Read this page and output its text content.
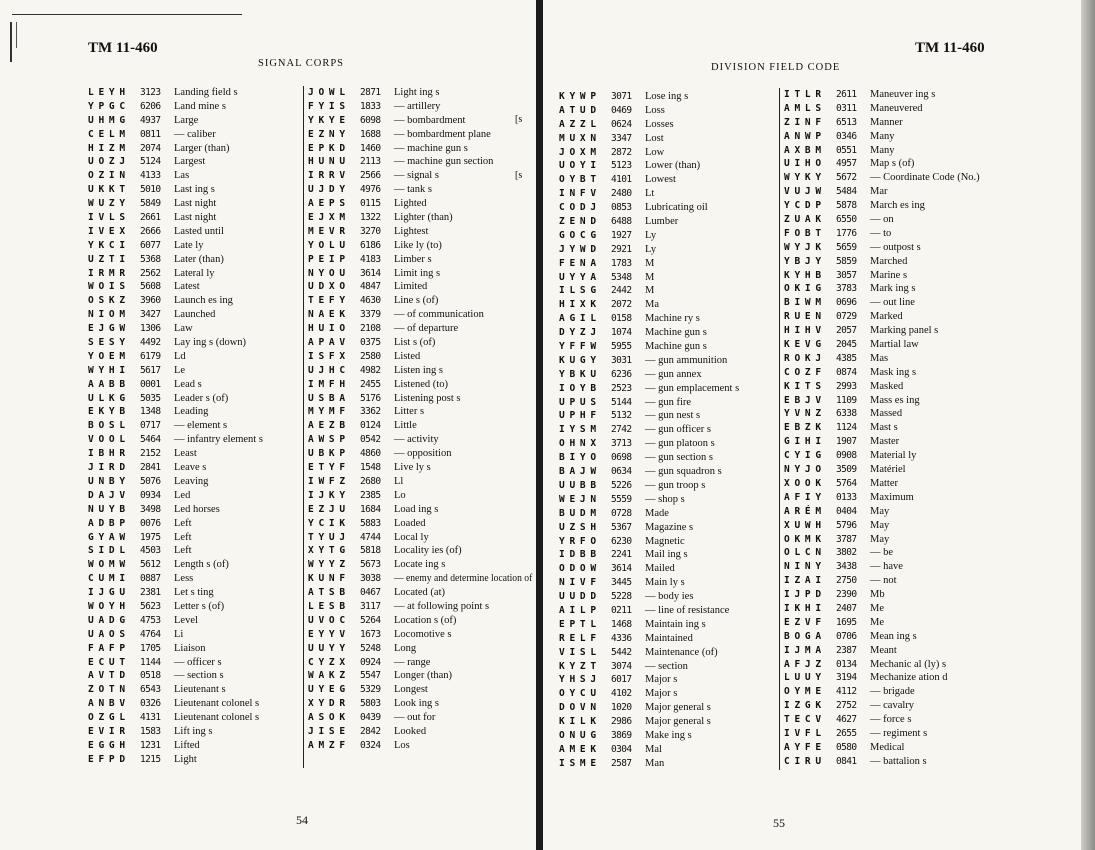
TM 11-460
SIGNAL CORPS
L E Y H 3123 Landing field s
Y P G C 6206 Land mine s
U H M G 4937 Large
C E L M 0811 — caliber
H I Z M 2074 Larger (than)
U O Z J 5124 Largest
O Z I N 4133 Las
U K K T 5010 Last ing s
W U Z Y 5849 Last night
I V L S 2661 Last night
I V E X 2666 Lasted until
Y K C I 6077 Late ly
U Z T I 5368 Later (than)
I R M R 2562 Lateral ly
W O I S 5608 Latest
O S K Z 3960 Launch es ing
N I O M 3427 Launched
E J G W 1306 Law
S E S Y 4492 Lay ing s (down)
Y O E M 6179 Ld
W Y H I 5617 Le
A A B B 0001 Lead s
U L K G 5035 Leader s (of)
E K Y B 1348 Leading
B O S L 0717 — element s
V O O L 5464 — infantry element s
I B H R 2152 Least
J I R D 2841 Leave s
U N B Y 5076 Leaving
D A J V 0934 Led
N U Y B 3498 Led horses
A D B P 0076 Left
G Y A W 1975 Left
S I D L 4503 Left
W O M W 5612 Length s (of)
C U M I 0887 Less
I J G U 2381 Let s ting
W O Y H 5623 Letter s (of)
U A D G 4753 Level
U A O S 4764 Li
F A F P 1705 Liaison
E C U T 1144 — officer s
A V T D 0518 — section s
Z O T N 6543 Lieutenant s
A N B V 0326 Lieutenant colonel s
O Z G L 4131 Lieutenant colonel s
E V I R 1583 Lift ing s
E G G H 1231 Lifted
E F P D 1215 Light
J O W L 2871 Light ing s
F Y I S 1833 — artillery
Y K Y E 6098 — bombardment
E Z N Y 1688 — bombardment plane
E P K D 1460 — machine gun s
H U N U 2113 — machine gun section
I R R V 2566 — signal s
U J D Y 4976 — tank s
A E P S 0115 Lighted
E J X M 1322 Lighter (than)
M E V R 3270 Lightest
Y O L U 6186 Like ly (to)
P E I P 4183 Limber s
N Y O U 3614 Limit ing s
U D X O 4847 Limited
T E F Y 4630 Line s (of)
N A E K 3379 — of communication
H U I O 2108 — of departure
A P A V 0375 List s (of)
I S F X 2580 Listed
U J H C 4982 Listen ing s
I M F H 2455 Listened (to)
U S B A 5176 Listening post s
M Y M F 3362 Litter s
A E Z B 0124 Little
A W S P 0542 — activity
U B K P 4860 — opposition
E T Y F 1548 Live ly s
I W F Z 2680 Ll
I J K Y 2385 Lo
E Z J U 1684 Load ing s
Y C I K 5883 Loaded
T Y U J 4744 Local ly
X Y T G 5818 Locality ies (of)
W Y Y Z 5673 Locate ing s
K U N F 3038 — enemy and determine location of
A T S B 0467 Located (at)
L E S B 3117 — at following point s
U V O C 5264 Location s (of)
E Y Y V 1673 Locomotive s
U U Y Y 5248 Long
C Y Z X 0924 — range
W A K Z 5547 Longer (than)
U Y E G 5329 Longest
X Y D R 5803 Look ing s
A S O K 0439 — out for
J I S E 2842 Looked
A M Z F 0324 Los
[s
[s
54
TM 11-460
DIVISION FIELD CODE
K Y W P 3071 Lose ing s
A T U D 0469 Loss
A Z Z L 0624 Losses
M U X N 3347 Lost
J O X M 2872 Low
U O Y I 5123 Lower (than)
O Y B T 4101 Lowest
I N F V 2480 Lt
C O D J 0853 Lubricating oil
Z E N D 6488 Lumber
G O C G 1927 Ly
J Y W D 2921 Ly
F E N A 1783 M
U Y Y A 5348 M
I L S G 2442 M
H I X K 2072 Ma
A G I L 0158 Machine ry s
D Y Z J 1074 Machine gun s
Y F F W 5955 Machine gun s
K U G Y 3031 — gun ammunition
Y B K U 6236 — gun annex
I O Y B 2523 — gun emplacement s
U P U S 5144 — gun fire
U P H F 5132 — gun nest s
I Y S M 2742 — gun officer s
O H N X 3713 — gun platoon s
B I Y O 0698 — gun section s
B A J W 0634 — gun squadron s
U U B B 5226 — gun troop s
W E J N 5559 — shop s
B U D M 0728 Made
U Z S H 5367 Magazine s
Y R F O 6230 Magnetic
I D B B 2241 Mail ing s
O D O W 3614 Mailed
N I V F 3445 Main ly s
U U D D 5228 — body ies
A I L P 0211 — line of resistance
E P T L 1468 Maintain ing s
R E L F 4336 Maintained
V I S L 5442 Maintenance (of)
K Y Z T 3074 — section
Y H S J 6017 Major s
O Y C U 4102 Major s
D O V N 1020 Major general s
K I L K 2986 Major general s
O N U G 3869 Make ing s
A M E K 0304 Mal
I S M E 2587 Man
I T L R 2611 Maneuver ing s
A M L S 0311 Maneuvered
Z I N F 6513 Manner
A N W P 0346 Many
A X B M 0551 Many
U I H O 4957 Map s (of)
W Y K Y 5672 — Coordinate Code (No.)
V U J W 5484 Mar
Y C D P 5878 March es ing
Z U A K 6550 — on
F O B T 1776 — to
W Y J K 5659 — outpost s
Y B J Y 5859 Marched
K Y H B 3057 Marine s
O K I G 3783 Mark ing s
B I W M 0696 — out line
R U E N 0729 Marked
H I H V 2057 Marking panel s
K E V G 2045 Martial law
R O K J 4385 Mas
C O Z F 0874 Mask ing s
K I T S 2993 Masked
E B J V 1109 Mass es ing
Y V N Z 6338 Massed
E B Z K 1124 Mast s
G I H I 1907 Master
C Y I G 0908 Material ly
N Y J O 3509 Matériel
X O O K 5764 Matter
A F I Y 0133 Maximum
A R É M 0404 May
X U W H 5796 May
O K M K 3787 May
O L C N 3802 — be
N I N Y 3438 — have
I Z A I 2750 — not
I J P D 2390 Mb
I K H I 2407 Me
E Z V F 1695 Me
B O G A 0706 Mean ing s
I J M A 2387 Meant
A F J Z 0134 Mechanic al (ly) s
L U U Y 3194 Mechanize ation d
O Y M E 4112 — brigade
I Z G K 2752 — cavalry
T E C V 4627 — force s
I V F L 2655 — regiment s
A Y F E 0580 Medical
C I R U 0841 — battalion s
55
